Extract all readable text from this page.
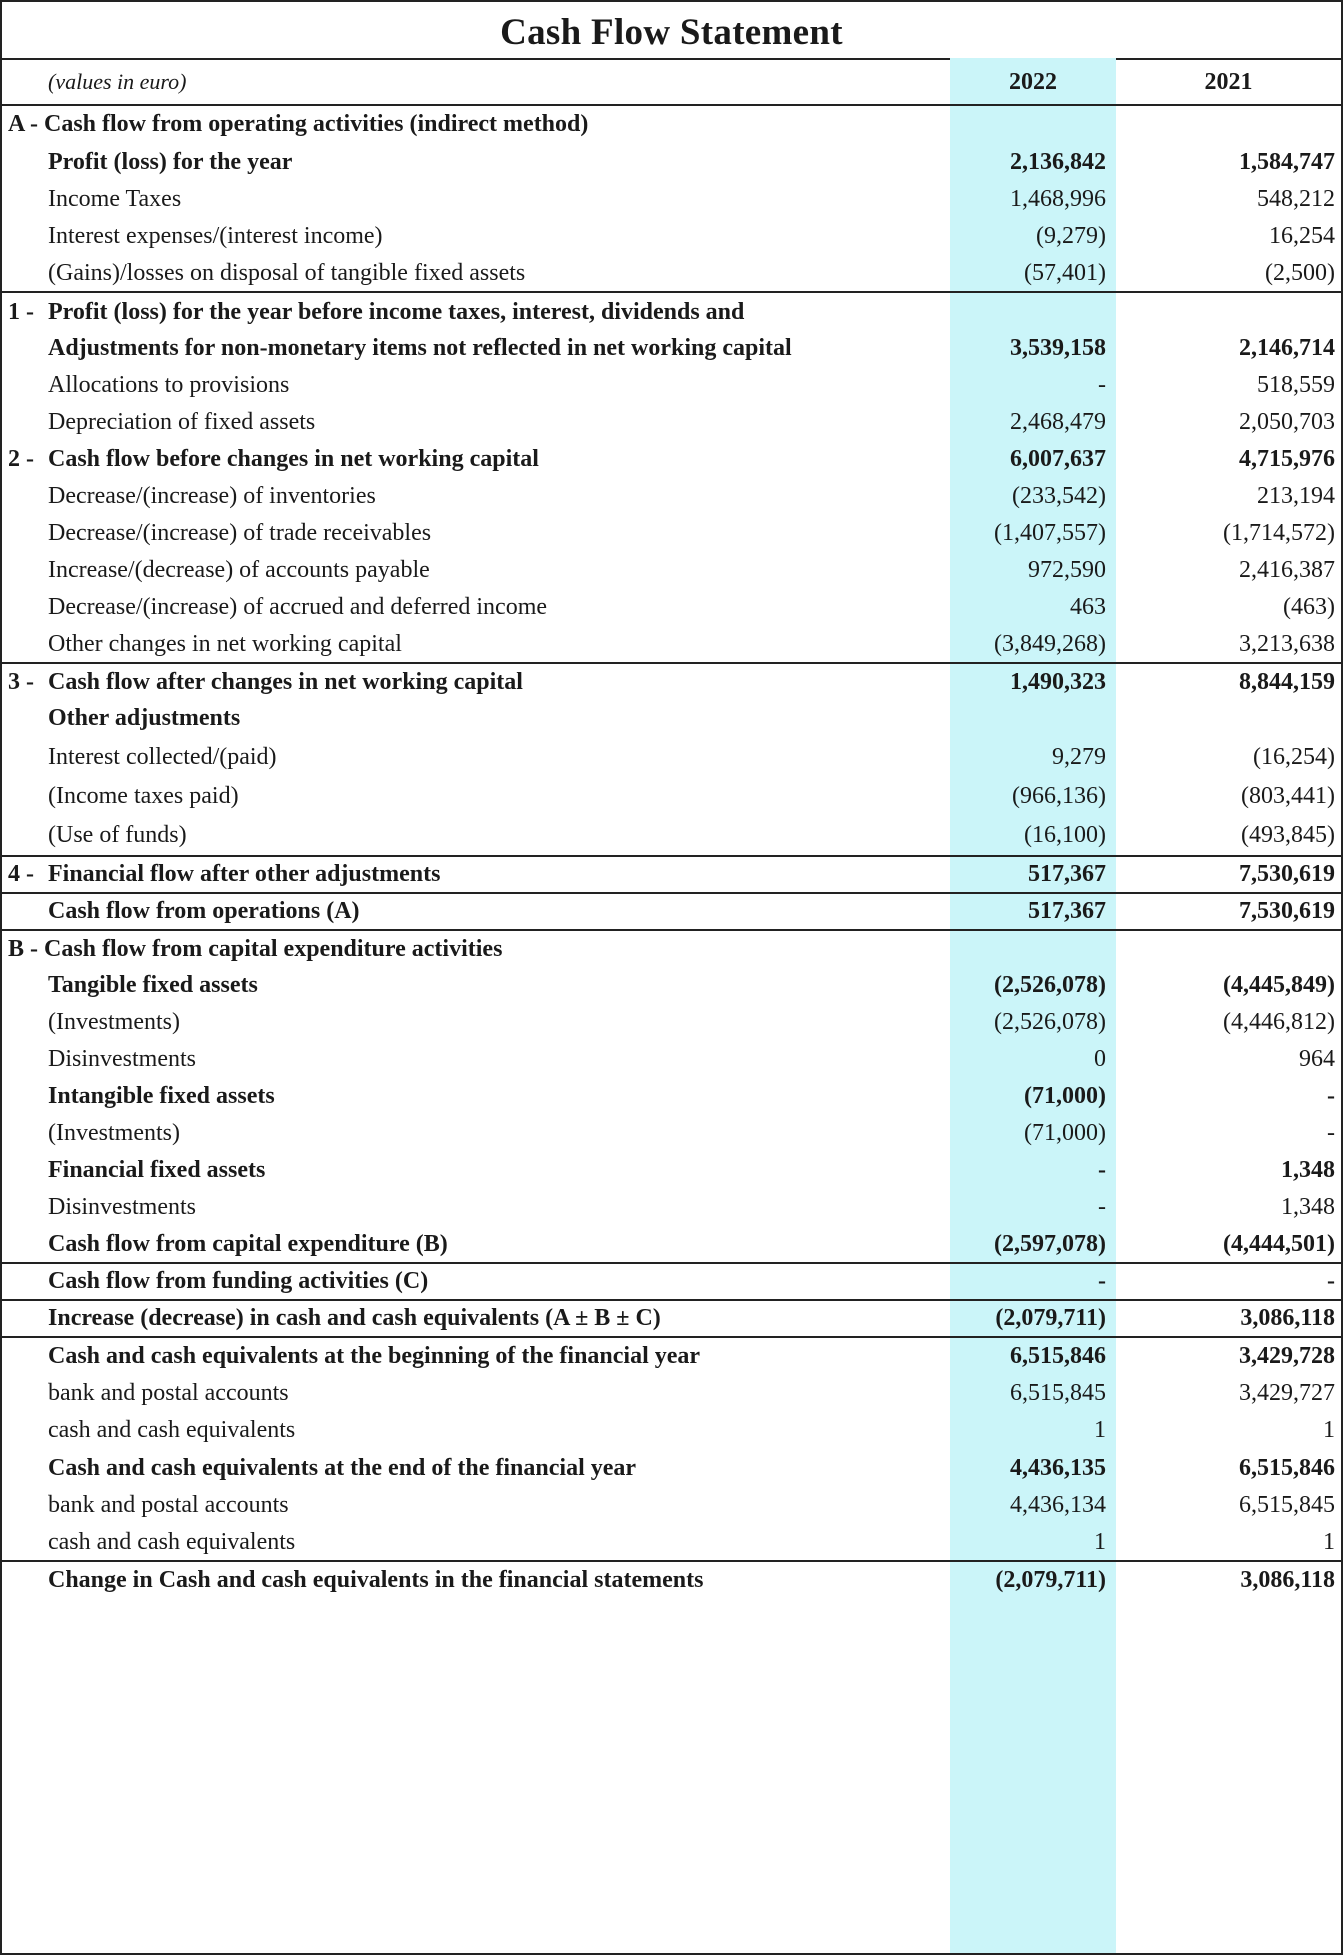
Cash Flow Statement
(values in euro)	2022	2021
A - Cash flow from operating activities (indirect method)		
Profit (loss) for the year	2,136,842	1,584,747
Income Taxes	1,468,996	548,212
Interest expenses/(interest income)	(9,279)	16,254
(Gains)/losses on disposal of tangible fixed assets	(57,401)	(2,500)
1 - Profit (loss) for the year before income taxes, interest, dividends and
Adjustments for non-monetary items not reflected in net working capital	3,539,158	2,146,714
Allocations to provisions	-	518,559
Depreciation of fixed assets	2,468,479	2,050,703
2 - Cash flow before changes in net working capital	6,007,637	4,715,976
Decrease/(increase) of inventories	(233,542)	213,194
Decrease/(increase) of trade receivables	(1,407,557)	(1,714,572)
Increase/(decrease) of accounts payable	972,590	2,416,387
Decrease/(increase) of accrued and deferred income	463	(463)
Other changes in net working capital	(3,849,268)	3,213,638
3 - Cash flow after changes in net working capital	1,490,323	8,844,159
Other adjustments		
Interest collected/(paid)	9,279	(16,254)
(Income taxes paid)	(966,136)	(803,441)
(Use of funds)	(16,100)	(493,845)
4 - Financial flow after other adjustments	517,367	7,530,619
Cash flow from operations (A)	517,367	7,530,619
B - Cash flow from capital expenditure activities		
Tangible fixed assets	(2,526,078)	(4,445,849)
(Investments)	(2,526,078)	(4,446,812)
Disinvestments	0	964
Intangible fixed assets	(71,000)	-
(Investments)	(71,000)	-
Financial fixed assets	-	1,348
Disinvestments	-	1,348
Cash flow from capital expenditure (B)	(2,597,078)	(4,444,501)
Cash flow from funding activities (C)	-	-
Increase (decrease) in cash and cash equivalents (A ± B ± C)	(2,079,711)	3,086,118
Cash and cash equivalents at the beginning of the financial year	6,515,846	3,429,728
bank and postal accounts	6,515,845	3,429,727
cash and cash equivalents	1	1
Cash and cash equivalents at the end of the financial year	4,436,135	6,515,846
bank and postal accounts	4,436,134	6,515,845
cash and cash equivalents	1	1
Change in Cash and cash equivalents in the financial statements	(2,079,711)	3,086,118
